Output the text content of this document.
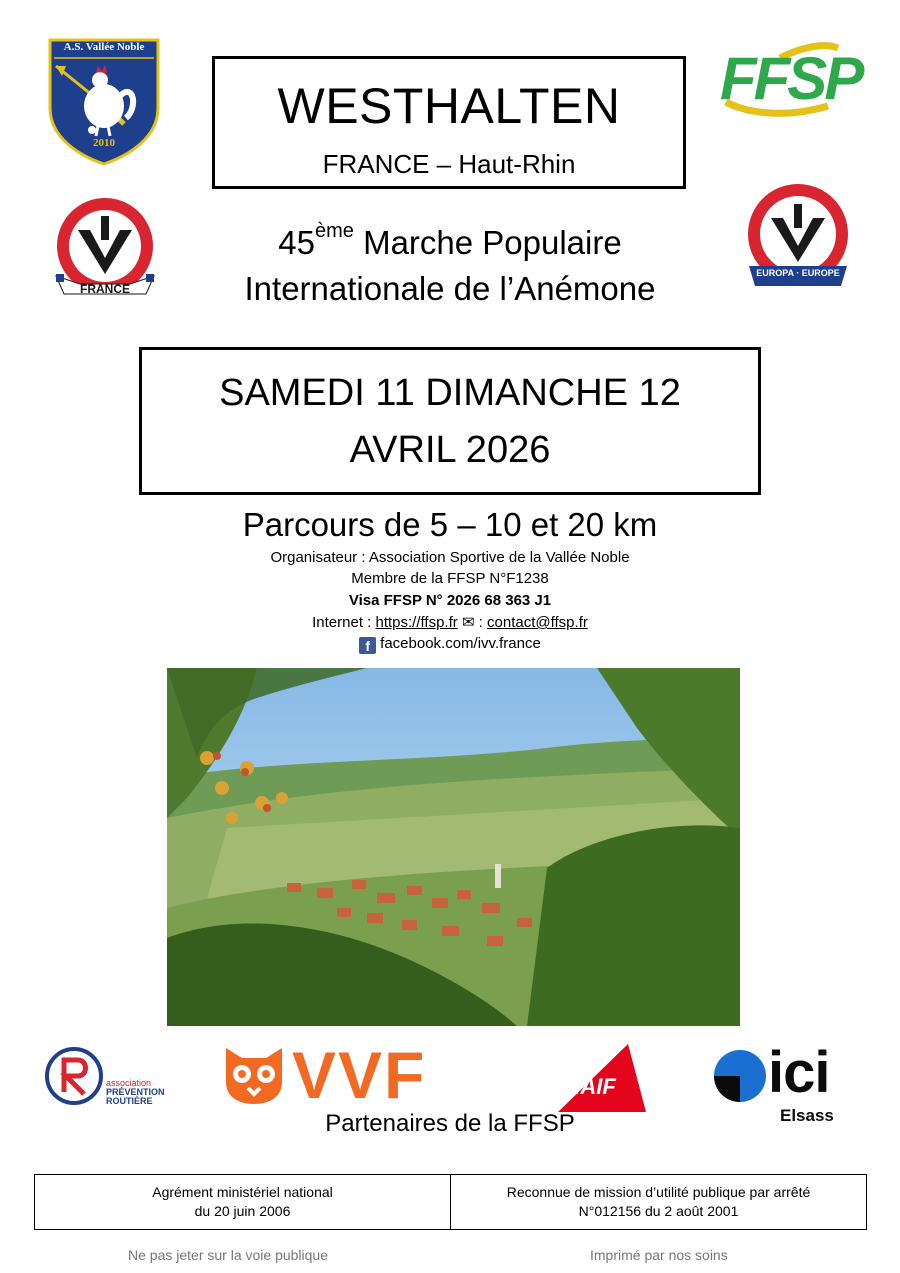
A.S. Vallée Noble
2010
FFSP
WESTHALTEN
FRANCE – Haut-Rhin
FRANCE
EUROPA · EUROPE
45ème Marche Populaire
Internationale de l’Anémone
SAMEDI 11 DIMANCHE 12
AVRIL 2026
Parcours de 5 – 10 et 20 km
Organisateur : Association Sportive de la Vallée Noble
Membre de la FFSP N°F1238
Visa FFSP N° 2026 68 363 J1
Internet : https://ffsp.fr ✉ : contact@ffsp.fr
f facebook.com/ivv.france
association
PRÉVENTION
ROUTIÈRE VVF	MAIF	ici
Elsass
Partenaires de la FFSP
Agrément ministériel national
du 20 juin 2006
Reconnue de mission d’utilité publique par arrêté
N°012156 du 2 août 2001
Ne pas jeter sur la voie publique	Imprimé par nos soins
